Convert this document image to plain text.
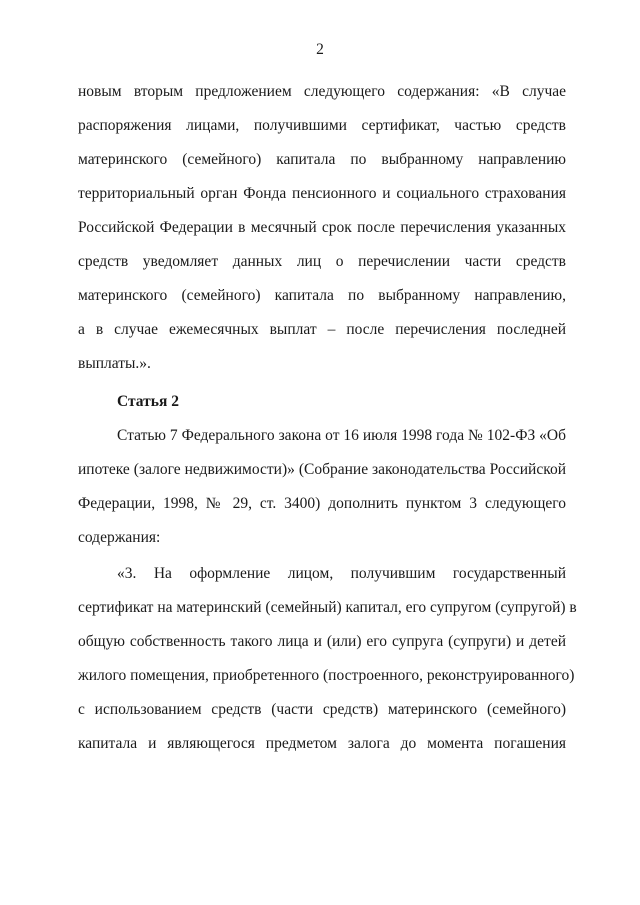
2
новым вторым предложением следующего содержания: «В случае
распоряжения лицами, получившими сертификат, частью средств
материнского (семейного) капитала по выбранному направлению
территориальный орган Фонда пенсионного и социального страхования
Российской Федерации в месячный срок после перечисления указанных
средств уведомляет данных лиц о перечислении части средств
материнского (семейного) капитала по выбранному направлению,
а в случае ежемесячных выплат – после перечисления последней
выплаты.».
Статья 2
Статью 7 Федерального закона от 16 июля 1998 года № 102-ФЗ «Об
ипотеке (залоге недвижимости)» (Собрание законодательства Российской
Федерации, 1998, № 29, ст. 3400) дополнить пунктом 3 следующего
содержания:
«3. На оформление лицом, получившим государственный
сертификат на материнский (семейный) капитал, его супругом (супругой) в
общую собственность такого лица и (или) его супруга (супруги) и детей
жилого помещения, приобретенного (построенного, реконструированного)
с использованием средств (части средств) материнского (семейного)
капитала и являющегося предметом залога до момента погашения
